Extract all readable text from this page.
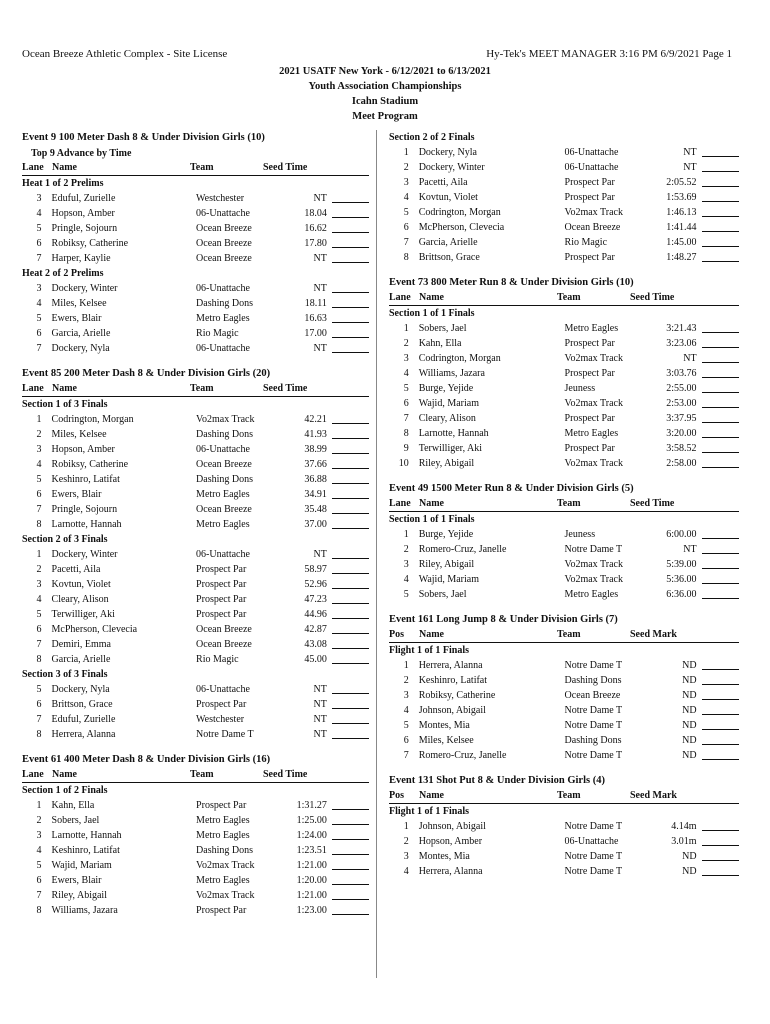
Ocean Breeze Athletic Complex - Site License	Hy-Tek's MEET MANAGER 3:16 PM 6/9/2021 Page 1
2021 USATF New York - 6/12/2021 to 6/13/2021
Youth Association Championships
Icahn Stadium
Meet Program
Event 9 100 Meter Dash 8 & Under Division Girls (10)
Top 9 Advance by Time
Lane Name	Team	Seed Time
Heat 1 of 2 Prelims
3	Eduful, Zurielle	Westchester	NT
4	Hopson, Amber	06-Unattache	18.04
5	Pringle, Sojourn	Ocean Breeze	16.62
6	Robiksy, Catherine	Ocean Breeze	17.80
7	Harper, Kaylie	Ocean Breeze	NT
Heat 2 of 2 Prelims
3	Dockery, Winter	06-Unattache	NT
4	Miles, Kelsee	Dashing Dons	18.11
5	Ewers, Blair	Metro Eagles	16.63
6	Garcia, Arielle	Rio Magic	17.00
7	Dockery, Nyla	06-Unattache	NT
Event 85 200 Meter Dash 8 & Under Division Girls (20)
Lane Name	Team	Seed Time
Section 1 of 3 Finals
1	Codrington, Morgan	Vo2max Track	42.21
2	Miles, Kelsee	Dashing Dons	41.93
3	Hopson, Amber	06-Unattache	38.99
4	Robiksy, Catherine	Ocean Breeze	37.66
5	Keshinro, Latifat	Dashing Dons	36.88
6	Ewers, Blair	Metro Eagles	34.91
7	Pringle, Sojourn	Ocean Breeze	35.48
8	Larnotte, Hannah	Metro Eagles	37.00
Section 2 of 3 Finals
1	Dockery, Winter	06-Unattache	NT
2	Pacetti, Aila	Prospect Par	58.97
3	Kovtun, Violet	Prospect Par	52.96
4	Cleary, Alison	Prospect Par	47.23
5	Terwilliger, Aki	Prospect Par	44.96
6	McPherson, Clevecia	Ocean Breeze	42.87
7	Demiri, Emma	Ocean Breeze	43.08
8	Garcia, Arielle	Rio Magic	45.00
Section 3 of 3 Finals
5	Dockery, Nyla	06-Unattache	NT
6	Brittson, Grace	Prospect Par	NT
7	Eduful, Zurielle	Westchester	NT
8	Herrera, Alanna	Notre Dame T	NT
Event 61 400 Meter Dash 8 & Under Division Girls (16)
Lane Name	Team	Seed Time
Section 1 of 2 Finals
1	Kahn, Ella	Prospect Par	1:31.27
2	Sobers, Jael	Metro Eagles	1:25.00
3	Larnotte, Hannah	Metro Eagles	1:24.00
4	Keshinro, Latifat	Dashing Dons	1:23.51
5	Wajid, Mariam	Vo2max Track	1:21.00
6	Ewers, Blair	Metro Eagles	1:20.00
7	Riley, Abigail	Vo2max Track	1:21.00
8	Williams, Jazara	Prospect Par	1:23.00
Section 2 of 2 Finals
1	Dockery, Nyla	06-Unattache	NT
2	Dockery, Winter	06-Unattache	NT
3	Pacetti, Aila	Prospect Par	2:05.52
4	Kovtun, Violet	Prospect Par	1:53.69
5	Codrington, Morgan	Vo2max Track	1:46.13
6	McPherson, Clevecia	Ocean Breeze	1:41.44
7	Garcia, Arielle	Rio Magic	1:45.00
8	Brittson, Grace	Prospect Par	1:48.27
Event 73 800 Meter Run 8 & Under Division Girls (10)
Lane Name	Team	Seed Time
Section 1 of 1 Finals
1	Sobers, Jael	Metro Eagles	3:21.43
2	Kahn, Ella	Prospect Par	3:23.06
3	Codrington, Morgan	Vo2max Track	NT
4	Williams, Jazara	Prospect Par	3:03.76
5	Burge, Yejide	Jeuness	2:55.00
6	Wajid, Mariam	Vo2max Track	2:53.00
7	Cleary, Alison	Prospect Par	3:37.95
8	Larnotte, Hannah	Metro Eagles	3:20.00
9	Terwilliger, Aki	Prospect Par	3:58.52
10	Riley, Abigail	Vo2max Track	2:58.00
Event 49 1500 Meter Run 8 & Under Division Girls (5)
Lane Name	Team	Seed Time
Section 1 of 1 Finals
1	Burge, Yejide	Jeuness	6:00.00
2	Romero-Cruz, Janelle	Notre Dame T	NT
3	Riley, Abigail	Vo2max Track	5:39.00
4	Wajid, Mariam	Vo2max Track	5:36.00
5	Sobers, Jael	Metro Eagles	6:36.00
Event 161 Long Jump 8 & Under Division Girls (7)
Pos	Name	Team	Seed Mark
Flight 1 of 1 Finals
1	Herrera, Alanna	Notre Dame T	ND
2	Keshinro, Latifat	Dashing Dons	ND
3	Robiksy, Catherine	Ocean Breeze	ND
4	Johnson, Abigail	Notre Dame T	ND
5	Montes, Mia	Notre Dame T	ND
6	Miles, Kelsee	Dashing Dons	ND
7	Romero-Cruz, Janelle	Notre Dame T	ND
Event 131 Shot Put 8 & Under Division Girls (4)
Pos	Name	Team	Seed Mark
Flight 1 of 1 Finals
1	Johnson, Abigail	Notre Dame T	4.14m
2	Hopson, Amber	06-Unattache	3.01m
3	Montes, Mia	Notre Dame T	ND
4	Herrera, Alanna	Notre Dame T	ND
